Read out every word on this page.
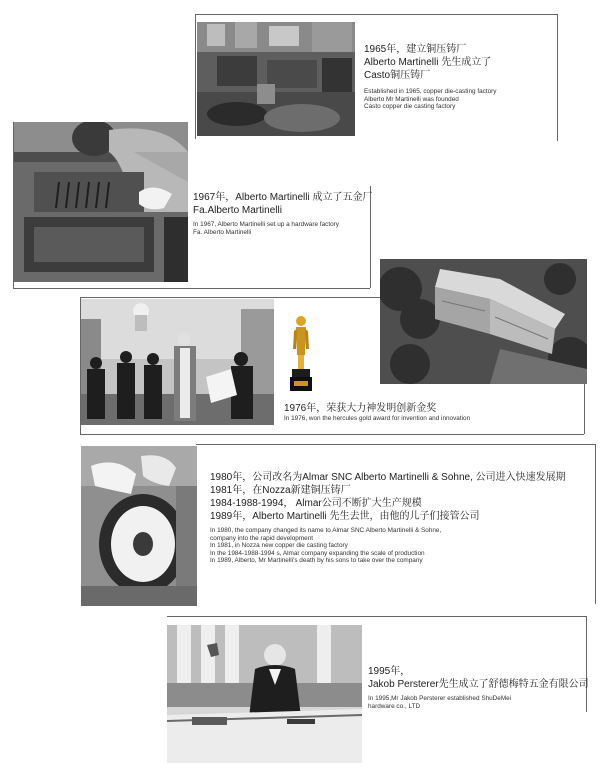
1965年，建立铜压铸厂
Alberto Martinelli 先生成立了
Casto铜压铸厂
Established in 1965, copper die-casting factory
Alberto Mr Martinelli was founded
Casto copper die casting factory
1967年，Alberto Martinelli 成立了五金厂
Fa.Alberto Martinelli
In 1967, Alberto Martinelli set up a hardware factory
Fa. Alberto Martinelli
1976年，荣获大力神发明创新金奖
In 1976, won the hercules gold award for invention and innovation
1980年，公司改名为Almar SNC Alberto Martinelli & Sohne, 公司进入快速发展期
1981年，在Nozza新建铜压铸厂
1984-1988-1994， Almar公司不断扩大生产规模
1989年，Alberto Martinelli 先生去世，由他的儿子们接管公司
In 1980, the company changed its name to Almar SNC Alberto Martinelli & Sohne,
company into the rapid development
In 1981, in Nozza new copper die casting factory
In the 1984-1988-1994 s, Almar company expanding the scale of production
In 1989, Alberto, Mr Martinelli's death by his sons to take over the company
1995年，
Jakob Persterer先生成立了舒德梅特五金有限公司
In 1995,Mr Jakob Persterer established ShuDeMei
hardware co., LTD
